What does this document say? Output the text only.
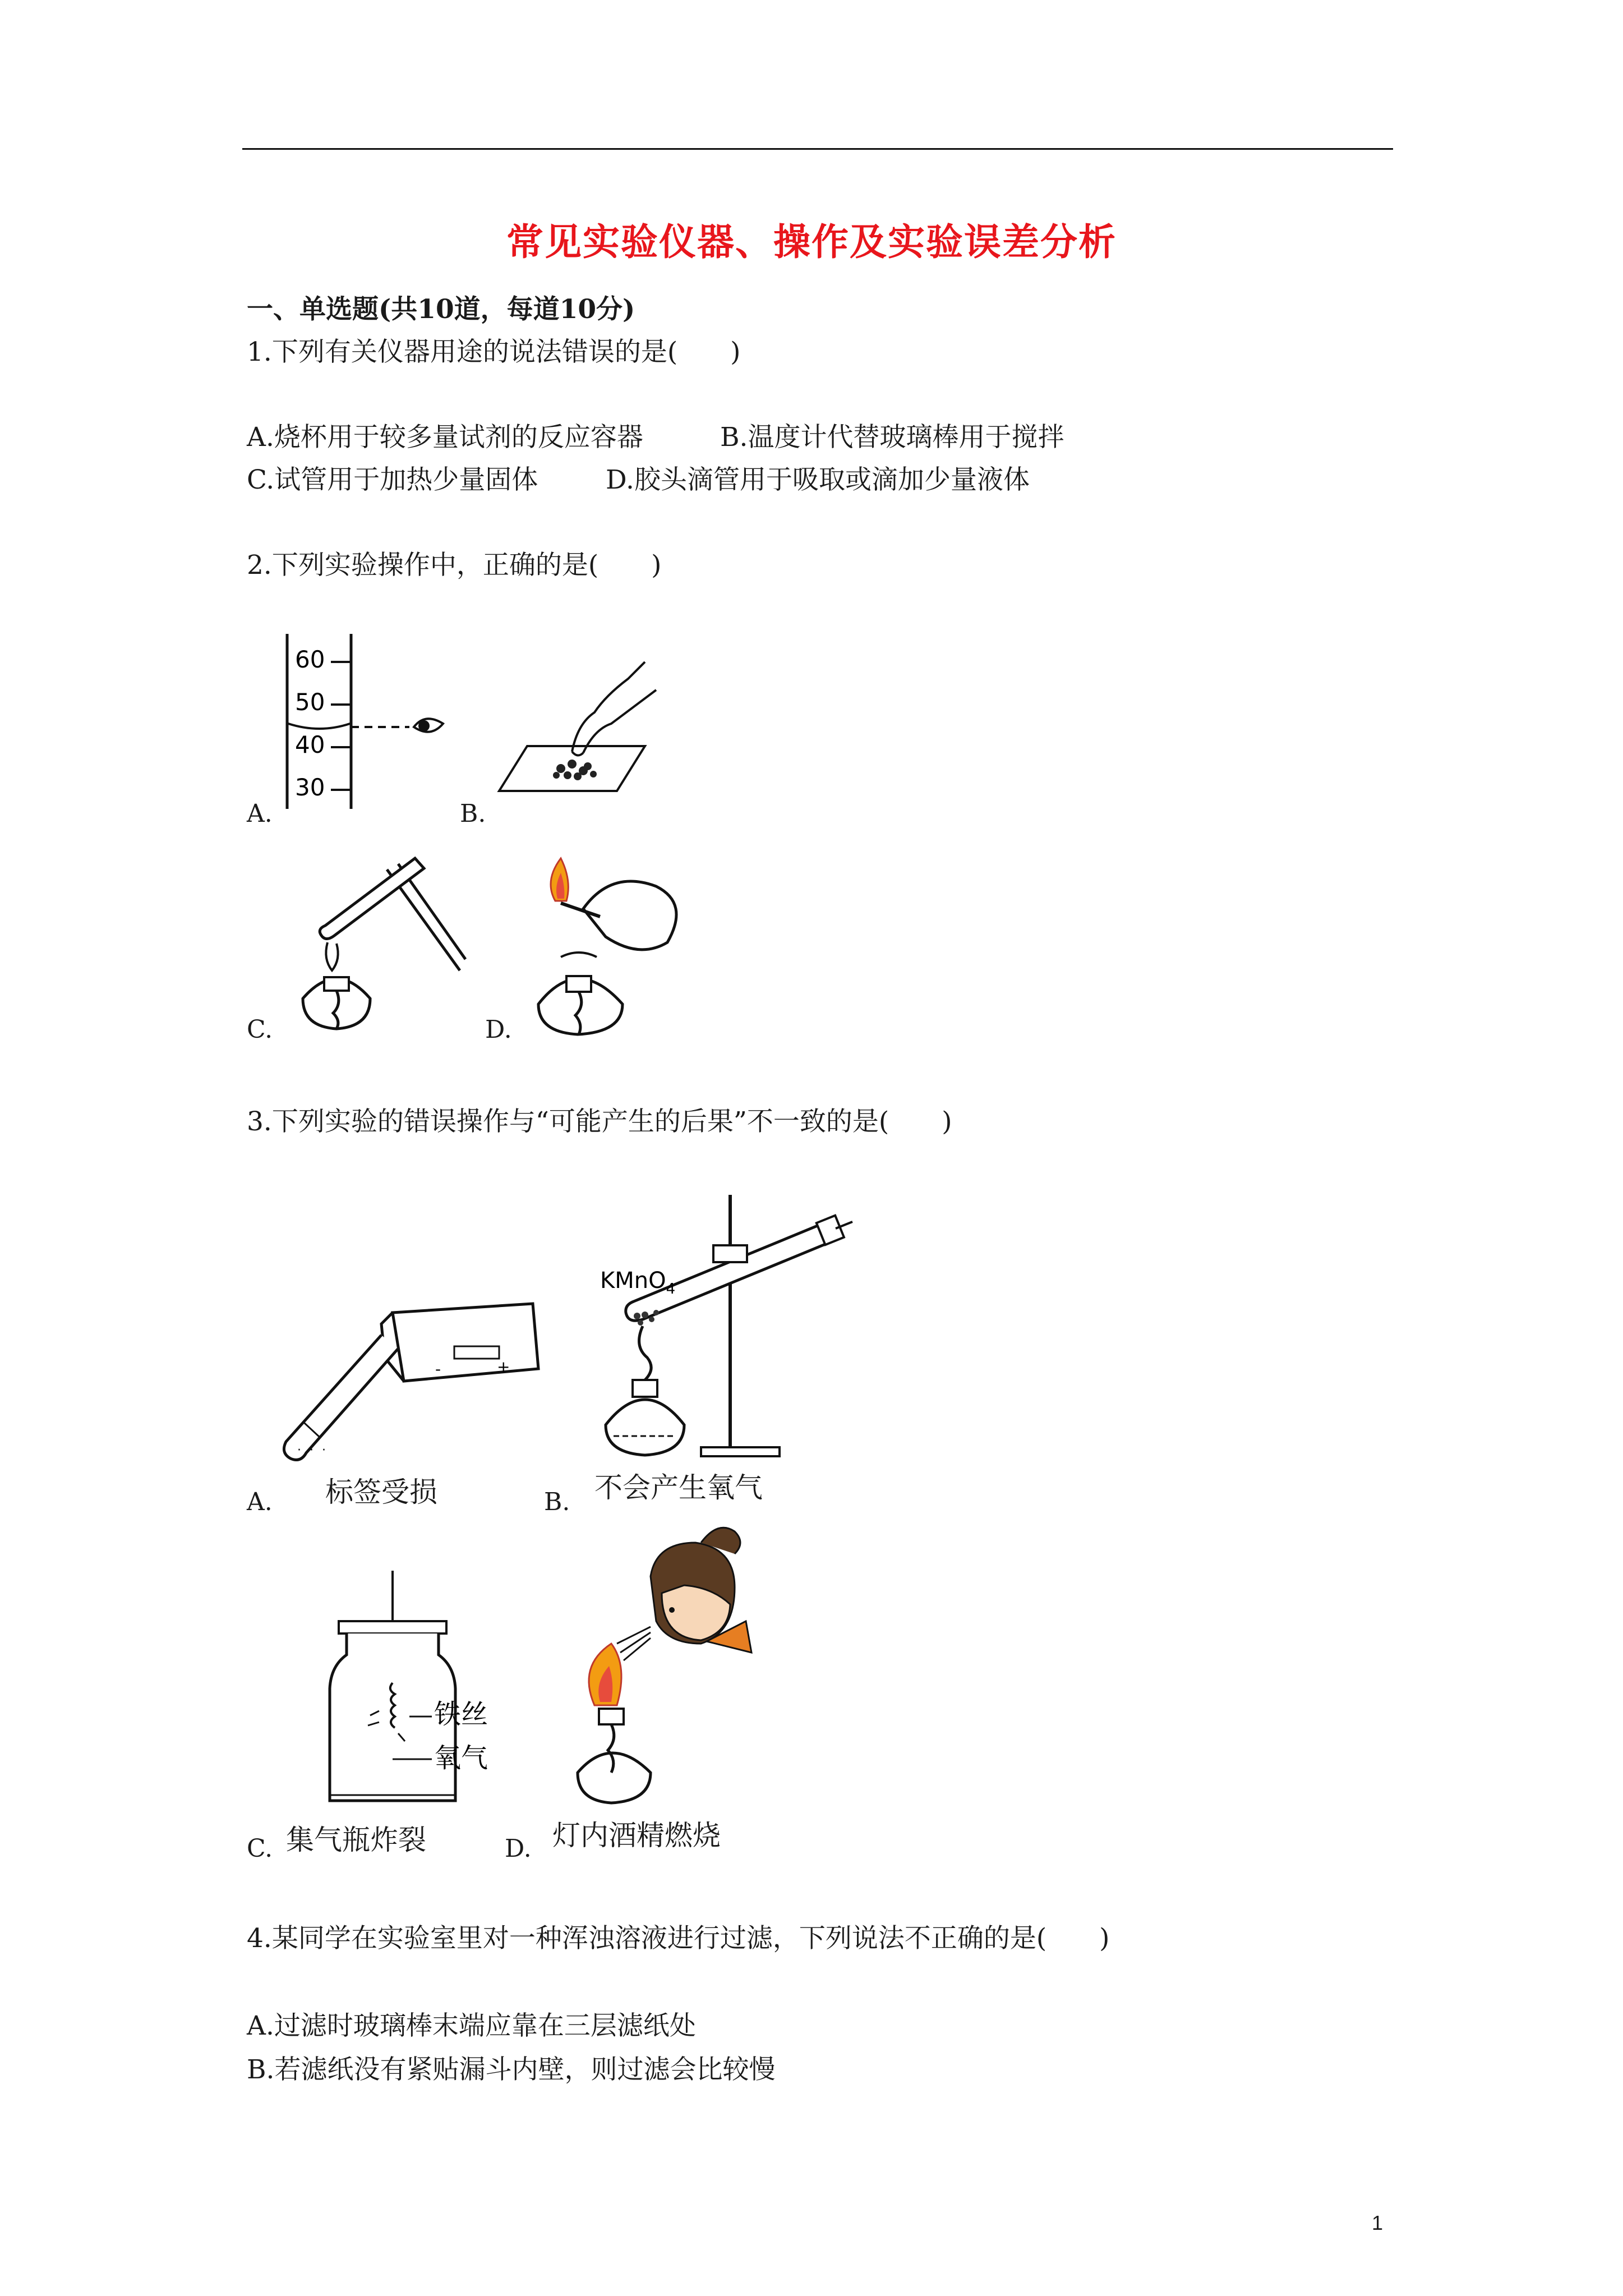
常见实验仪器、操作及实验误差分析
一、单选题(共10道，每道10分)
1.下列有关仪器用途的说法错误的是(　　)
A.烧杯用于较多量试剂的反应容器	B.温度计代替玻璃棒用于搅拌
C.试管用于加热少量固体	D.胶头滴管用于吸取或滴加少量液体
2.下列实验操作中，正确的是(　　)
60
50
40
30
A.	B.
C.	D.
3.下列实验的错误操作与“可能产生的后果”不一致的是(　　)
-	+
· · ·
标签受损
A.
KMnO$_4$
不会产生氧气
B.
铁丝
氧气
集气瓶炸裂
C.	灯内酒精燃烧
D.
4.某同学在实验室里对一种浑浊溶液进行过滤，下列说法不正确的是(　　)
A.过滤时玻璃棒末端应靠在三层滤纸处
B.若滤纸没有紧贴漏斗内壁，则过滤会比较慢
1
